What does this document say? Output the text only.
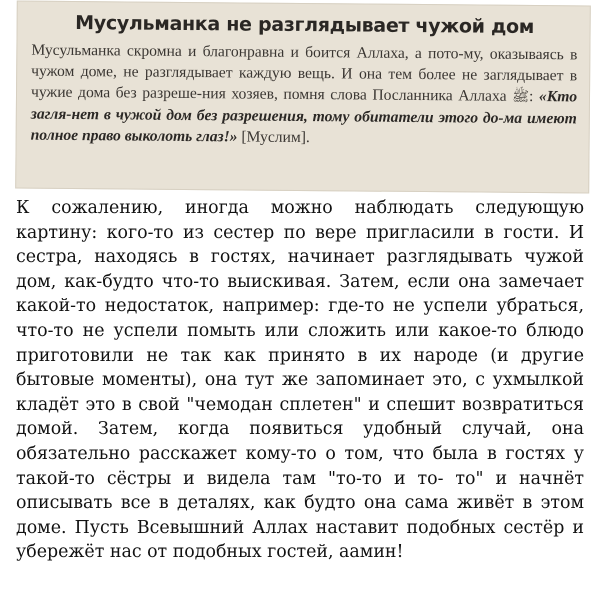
Мусульманка не разглядывает чужой дом

Мусульманка скромна и благонравна и боится Аллаха, а пото-му, оказываясь в чужом доме, не разглядывает каждую вещь. И она тем более не заглядывает в чужие дома без разреше-ния хозяев, помня слова Посланника Аллаха ﷺ: «Кто загля-нет в чужой дом без разрешения, тому обитатели этого до-ма имеют полное право выколоть глаз!» [Муслим].

К сожалению, иногда можно наблюдать следующую картину: кого-то из сестер по вере пригласили в гости. И сестра, находясь в гостях, начинает разглядывать чужой дом, как-будто что-то выискивая. Затем, если она замечает какой-то недостаток, например: где-то не успели убраться, что-то не успели помыть или сложить или какое-то блюдо приготовили не так как принято в их народе (и другие бытовые моменты), она тут же запоминает это, с ухмылкой кладёт это в свой "чемодан сплетен" и спешит возвратиться домой. Затем, когда появиться удобный случай, она обязательно расскажет кому-то о том, что была в гостях у такой-то сёстры и видела там "то-то и то- то" и начнёт описывать все в деталях, как будто она сама живёт в этом доме. Пусть Всевышний Аллах наставит подобных сестёр и убережёт нас от подобных гостей, аамин!
